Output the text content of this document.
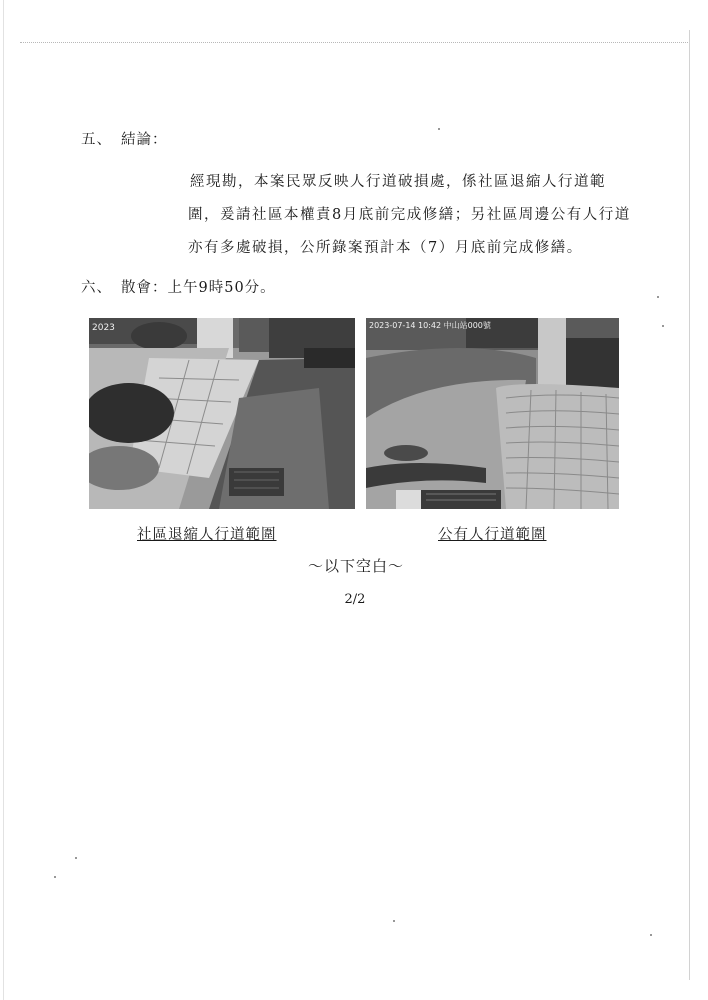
五、 結論：
經現勘，本案民眾反映人行道破損處，係社區退縮人行道範
圍，爰請社區本權責8月底前完成修繕；另社區周邊公有人行道
亦有多處破損，公所錄案預計本（7）月底前完成修繕。
六、 散會：上午9時50分。
2023	2023-07-14 10:42 中山站000號
社區退縮人行道範圍	公有人行道範圍
～以下空白～
2/2
